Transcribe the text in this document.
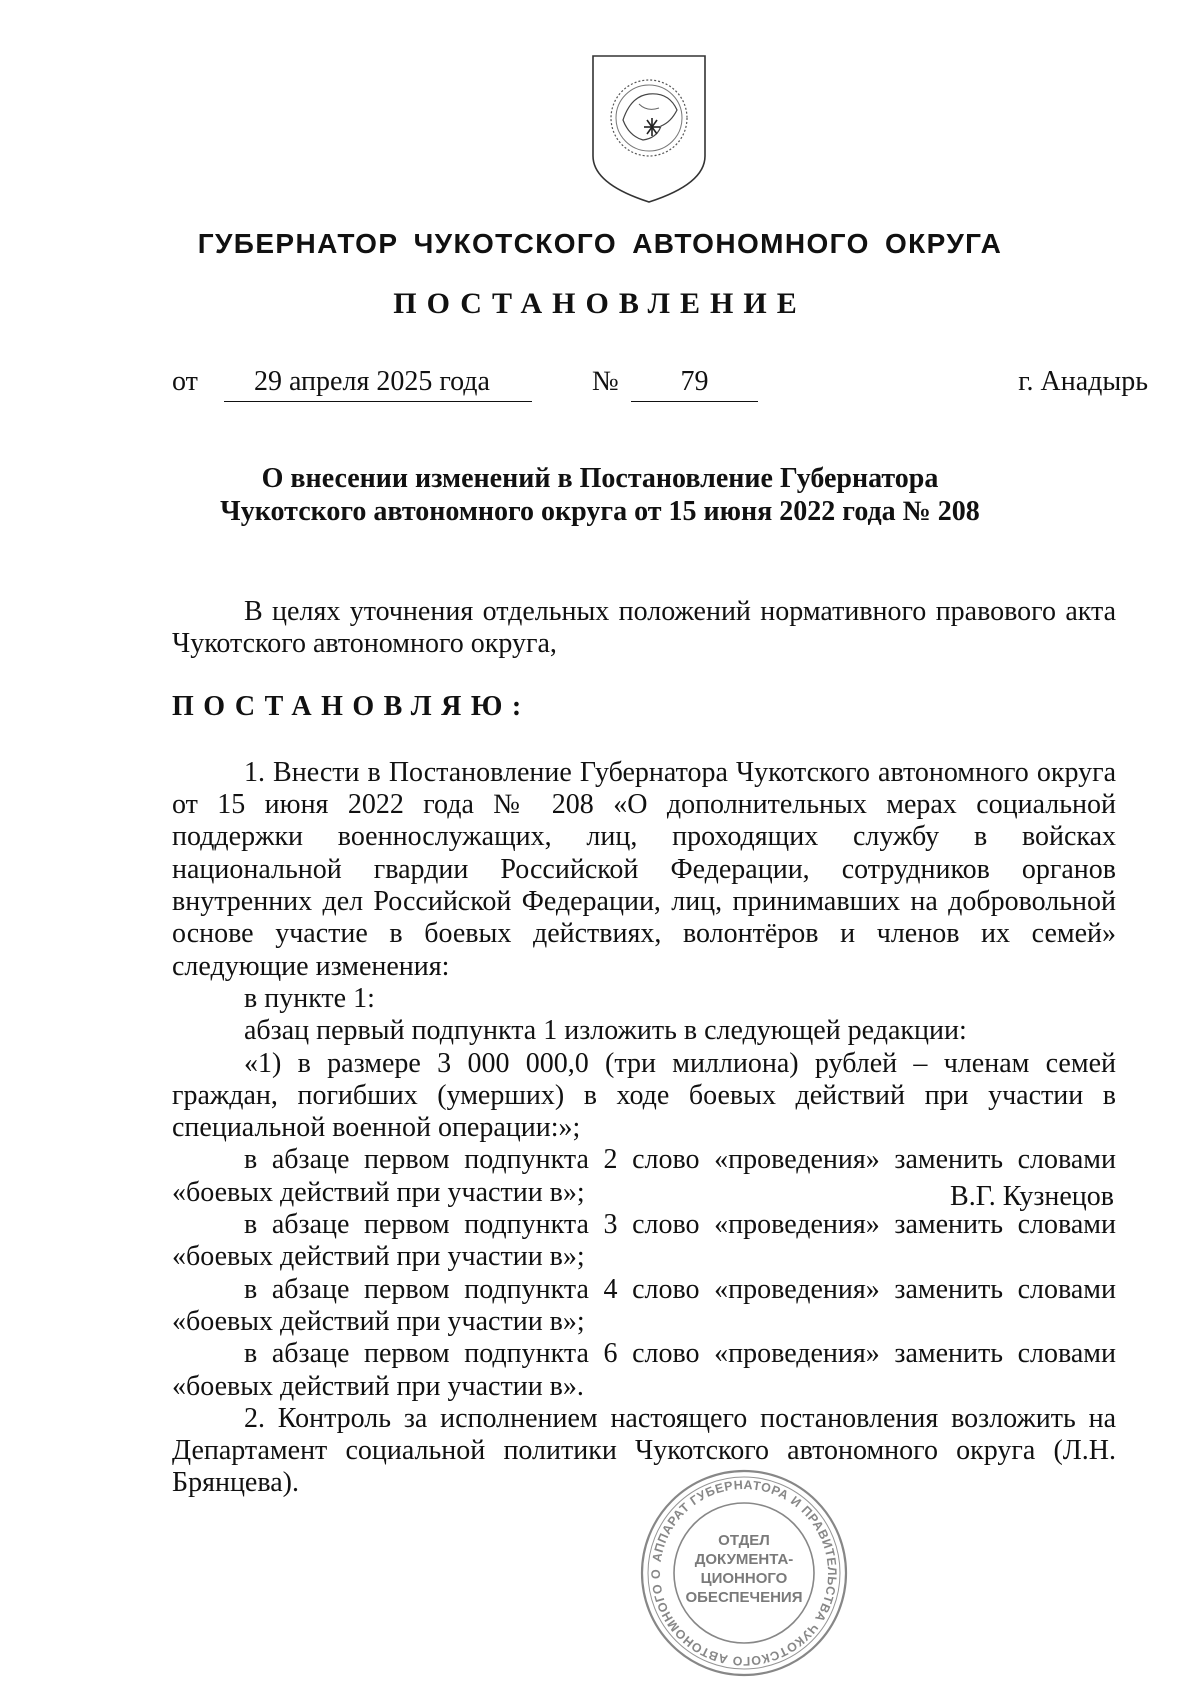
ГУБЕРНАТОР ЧУКОТСКОГО АВТОНОМНОГО ОКРУГА
ПОСТАНОВЛЕНИЕ
от	29 апреля 2025 года	№	79	г. Анадырь
О внесении изменений в Постановление Губернатора
Чукотского автономного округа от 15 июня 2022 года № 208

В целях уточнения отдельных положений нормативного правового акта Чукотского автономного округа,

ПОСТАНОВЛЯЮ:

1. Внести в Постановление Губернатора Чукотского автономного округа от 15 июня 2022 года № 208 «О дополнительных мерах социальной поддержки военнослужащих, лиц, проходящих службу в войсках национальной гвардии Российской Федерации, сотрудников органов внутренних дел Российской Федерации, лиц, принимавших на добровольной основе участие в боевых действиях, волонтёров и членов их семей» следующие изменения:

в пункте 1:

абзац первый подпункта 1 изложить в следующей редакции:

«1) в размере 3 000 000,0 (три миллиона) рублей – членам семей граждан, погибших (умерших) в ходе боевых действий при участии в специальной военной операции:»;

в абзаце первом подпункта 2 слово «проведения» заменить словами «боевых действий при участии в»;

в абзаце первом подпункта 3 слово «проведения» заменить словами «боевых действий при участии в»;

в абзаце первом подпункта 4 слово «проведения» заменить словами «боевых действий при участии в»;

в абзаце первом подпункта 6 слово «проведения» заменить словами «боевых действий при участии в».

2. Контроль за исполнением настоящего постановления возложить на Департамент социальной политики Чукотского автономного округа (Л.Н. Брянцева).

В.Г. Кузнецов
АППАРАТ ГУБЕРНАТОРА И ПРАВИТЕЛЬСТВА ЧУКОТСКОГО АВТОНОМНОГО О
ОТДЕЛ
ДОКУМЕНТА-
ЦИОННОГО
ОБЕСПЕЧЕНИЯ
